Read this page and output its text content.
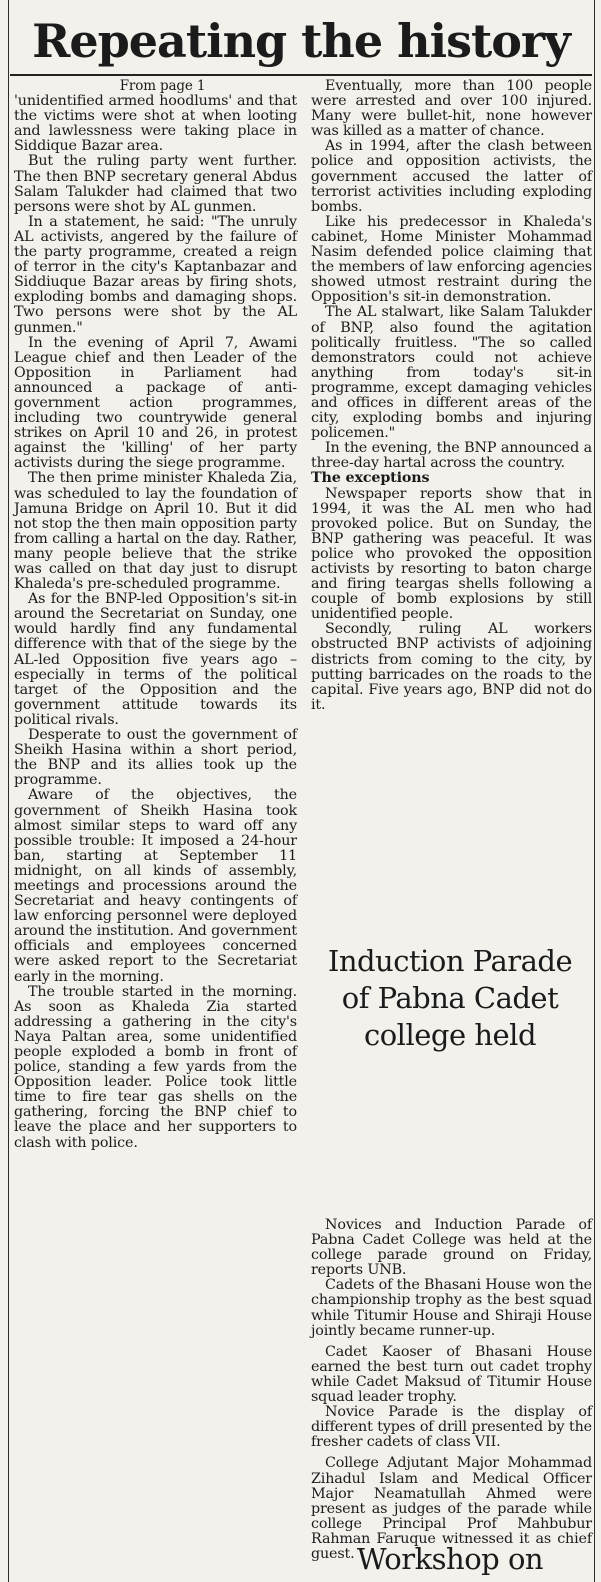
Repeating the history

From page 1

'unidentified armed hoodlums' and that the victims were shot at when looting and lawlessness were taking place in Siddique Bazar area.

But the ruling party went further. The then BNP secretary general Abdus Salam Talukder had claimed that two persons were shot by AL gunmen.

In a statement, he said: "The unruly AL activists, angered by the failure of the party programme, created a reign of terror in the city's Kaptanbazar and Siddiuque Bazar areas by firing shots, exploding bombs and damaging shops. Two persons were shot by the AL gunmen."

In the evening of April 7, Awami League chief and then Leader of the Opposition in Parliament had announced a package of anti-government action programmes, including two countrywide general strikes on April 10 and 26, in protest against the 'killing' of her party activists during the siege programme.

The then prime minister Khaleda Zia, was scheduled to lay the foundation of Jamuna Bridge on April 10. But it did not stop the then main opposition party from calling a hartal on the day. Rather, many people believe that the strike was called on that day just to disrupt Khaleda's pre-scheduled programme.

As for the BNP-led Opposition's sit-in around the Secretariat on Sunday, one would hardly find any fundamental difference with that of the siege by the AL-led Opposition five years ago – especially in terms of the political target of the Opposition and the government attitude towards its political rivals.

Desperate to oust the government of Sheikh Hasina within a short period, the BNP and its allies took up the programme.

Aware of the objectives, the government of Sheikh Hasina took almost similar steps to ward off any possible trouble: It imposed a 24-hour ban, starting at September 11 midnight, on all kinds of assembly, meetings and processions around the Secretariat and heavy contingents of law enforcing personnel were deployed around the institution. And government officials and employees concerned were asked report to the Secretariat early in the morning.

The trouble started in the morning. As soon as Khaleda Zia started addressing a gathering in the city's Naya Paltan area, some unidentified people exploded a bomb in front of police, standing a few yards from the Opposition leader. Police took little time to fire tear gas shells on the gathering, forcing the BNP chief to leave the place and her supporters to clash with police.

Eventually, more than 100 people were arrested and over 100 injured. Many were bullet-hit, none however was killed as a matter of chance.

As in 1994, after the clash between police and opposition activists, the government accused the latter of terrorist activities including exploding bombs.

Like his predecessor in Khaleda's cabinet, Home Minister Mohammad Nasim defended police claiming that the members of law enforcing agencies showed utmost restraint during the Opposition's sit-in demonstration.

The AL stalwart, like Salam Talukder of BNP, also found the agitation politically fruitless. "The so called demonstrators could not achieve anything from today's sit-in programme, except damaging vehicles and offices in different areas of the city, exploding bombs and injuring policemen."

In the evening, the BNP announced a three-day hartal across the country.

The exceptions

Newspaper reports show that in 1994, it was the AL men who had provoked police. But on Sunday, the BNP gathering was peaceful. It was police who provoked the opposition activists by resorting to baton charge and firing teargas shells following a couple of bomb explosions by still unidentified people.

Secondly, ruling AL workers obstructed BNP activists of adjoining districts from coming to the city, by putting barricades on the roads to the capital. Five years ago, BNP did not do it.

Induction Parade
of Pabna Cadet
college held

Novices and Induction Parade of Pabna Cadet College was held at the college parade ground on Friday, reports UNB.

Cadets of the Bhasani House won the championship trophy as the best squad while Titumir House and Shiraji House jointly became runner-up.

Cadet Kaoser of Bhasani House earned the best turn out cadet trophy while Cadet Maksud of Titumir House squad leader trophy.

Novice Parade is the display of different types of drill presented by the fresher cadets of class VII.

College Adjutant Major Mohammad Zihadul Islam and Medical Officer Major Neamatullah Ahmed were present as judges of the parade while college Principal Prof Mahbubur Rahman Faruque witnessed it as chief guest. Workshop on
